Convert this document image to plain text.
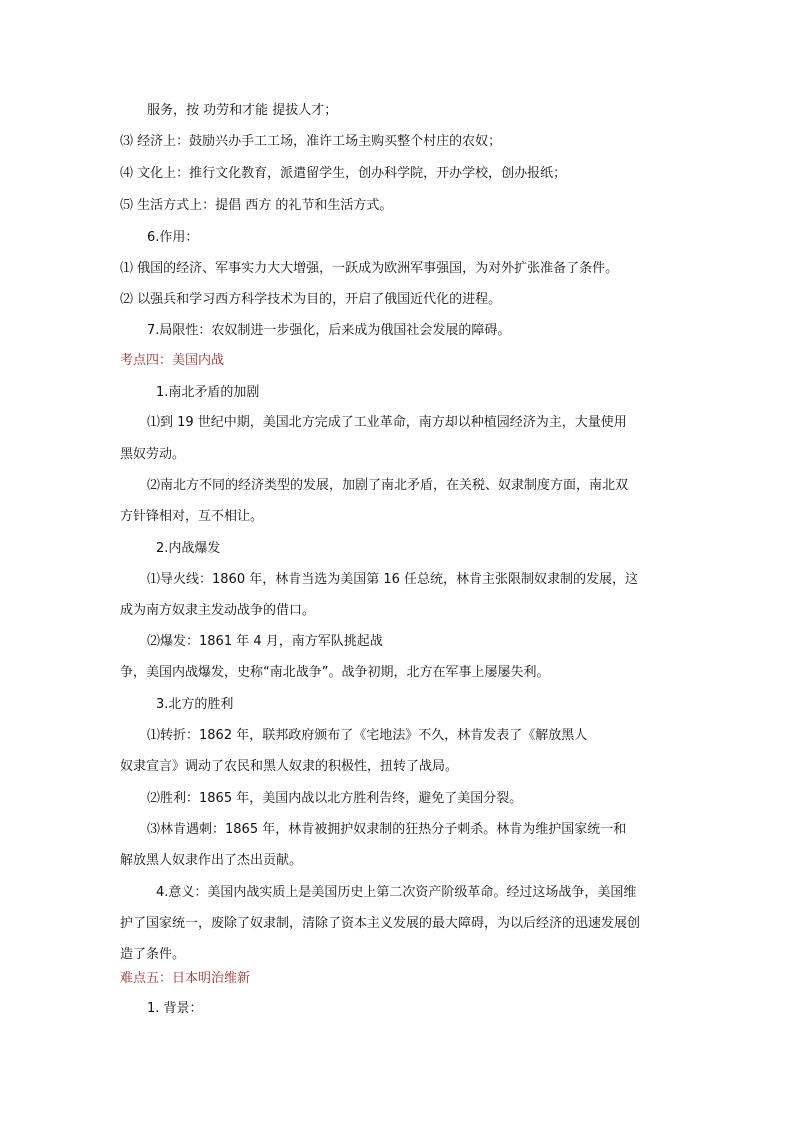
服务，按 功劳和才能 提拔人才；
⑶ 经济上：鼓励兴办手工工场，准许工场主购买整个村庄的农奴；
⑷ 文化上：推行文化教育，派遣留学生，创办科学院，开办学校，创办报纸；
⑸ 生活方式上：提倡 西方 的礼节和生活方式。
6.作用：
⑴ 俄国的经济、军事实力大大增强，一跃成为欧洲军事强国，为对外扩张准备了条件。
⑵ 以强兵和学习西方科学技术为目的，开启了俄国近代化的进程。
7.局限性：农奴制进一步强化，后来成为俄国社会发展的障碍。
考点四：美国内战
1.南北矛盾的加剧
⑴到 19 世纪中期，美国北方完成了工业革命，南方却以种植园经济为主，大量使用
黑奴劳动。
⑵南北方不同的经济类型的发展，加剧了南北矛盾，在关税、奴隶制度方面，南北双
方针锋相对，互不相让。
2.内战爆发
⑴导火线：1860 年，林肯当选为美国第 16 任总统，林肯主张限制奴隶制的发展，这
成为南方奴隶主发动战争的借口。
⑵爆发：1861 年 4 月，南方军队挑起战
争，美国内战爆发，史称“南北战争”。战争初期，北方在军事上屡屡失利。
3.北方的胜利
⑴转折：1862 年，联邦政府颁布了《宅地法》不久，林肯发表了《解放黑人
奴隶宣言》调动了农民和黑人奴隶的积极性，扭转了战局。
⑵胜利：1865 年，美国内战以北方胜利告终，避免了美国分裂。
⑶林肯遇刺：1865 年，林肯被拥护奴隶制的狂热分子刺杀。林肯为维护国家统一和
解放黑人奴隶作出了杰出贡献。
4.意义：美国内战实质上是美国历史上第二次资产阶级革命。经过这场战争，美国维
护了国家统一，废除了奴隶制，清除了资本主义发展的最大障碍，为以后经济的迅速发展创
造了条件。
难点五：日本明治维新
1. 背景：
